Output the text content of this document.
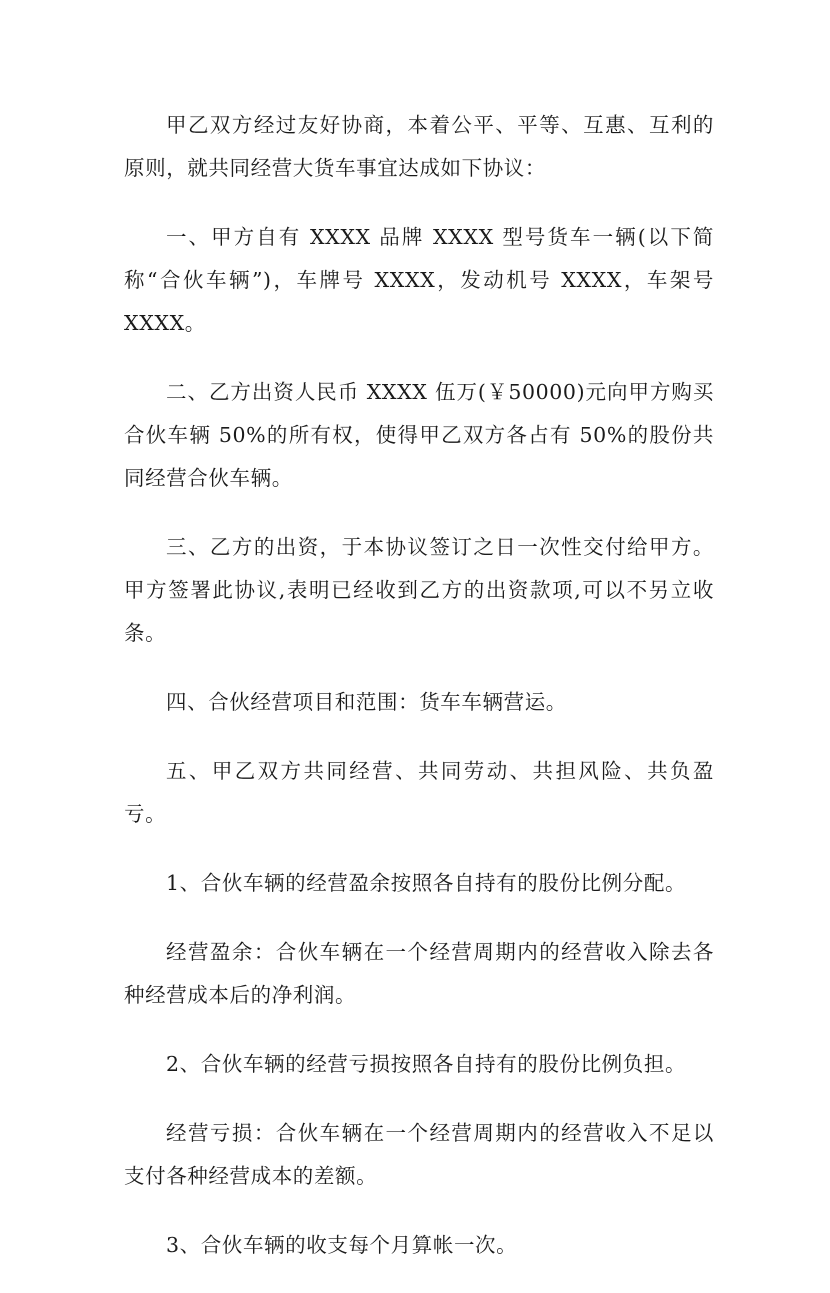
甲乙双方经过友好协商，本着公平、平等、互惠、互利的原则，就共同经营大货车事宜达成如下协议：

一、甲方自有 XXXX 品牌 XXXX 型号货车一辆(以下简称“合伙车辆”)，车牌号 XXXX，发动机号 XXXX，车架号 XXXX。

二、乙方出资人民币 XXXX 伍万(￥50000)元向甲方购买合伙车辆 50%的所有权，使得甲乙双方各占有 50%的股份共同经营合伙车辆。

三、乙方的出资，于本协议签订之日一次性交付给甲方。甲方签署此协议,表明已经收到乙方的出资款项,可以不另立收条。

四、合伙经营项目和范围：货车车辆营运。

五、甲乙双方共同经营、共同劳动、共担风险、共负盈亏。

1、合伙车辆的经营盈余按照各自持有的股份比例分配。

经营盈余：合伙车辆在一个经营周期内的经营收入除去各种经营成本后的净利润。

2、合伙车辆的经营亏损按照各自持有的股份比例负担。

经营亏损：合伙车辆在一个经营周期内的经营收入不足以支付各种经营成本的差额。

3、合伙车辆的收支每个月算帐一次。
